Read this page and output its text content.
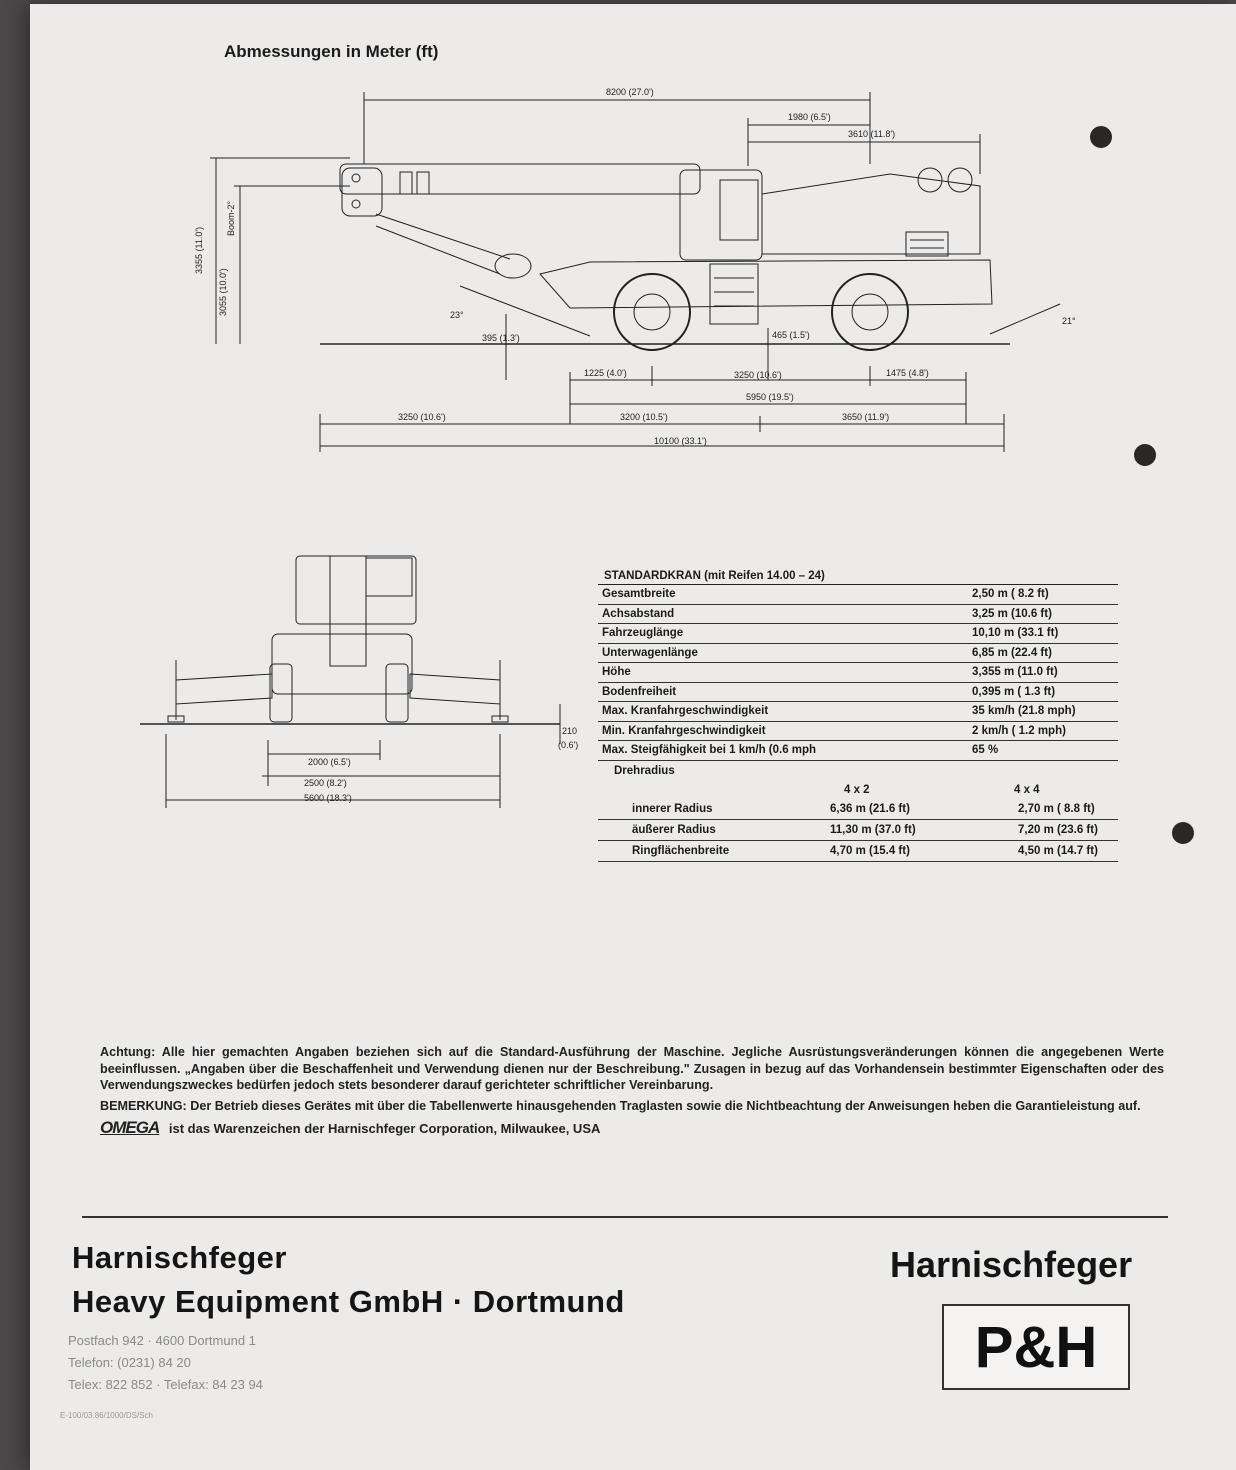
Abmessungen in Meter (ft)
8200 (27.0')
1980 (6.5')
3610 (11.8')
3355 (11.0')
3055 (10.0')
Boom-2°
23°
21°
395 (1.3')	465 (1.5')
1225 (4.0')	3250 (10.6')	1475 (4.8')
5950 (19.5')
3250 (10.6')	3200 (10.5')	3650 (11.9')
10100 (33.1')
2000 (6.5')
2500 (8.2')
5600 (18.3')
210
(0.6')
STANDARDKRAN (mit Reifen 14.00 – 24)
Gesamtbreite	2,50 m ( 8.2 ft)
Achsabstand	3,25 m (10.6 ft)
Fahrzeuglänge	10,10 m (33.1 ft)
Unterwagenlänge	6,85 m (22.4 ft)
Höhe	3,355 m (11.0 ft)
Bodenfreiheit	0,395 m ( 1.3 ft)
Max. Kranfahrgeschwindigkeit	35 km/h (21.8 mph)
Min. Kranfahrgeschwindigkeit	2 km/h ( 1.2 mph)
Max. Steigfähigkeit bei 1 km/h (0.6 mph	65 %
Drehradius
4 x 2	4 x 4
innerer Radius	6,36 m (21.6 ft)	2,70 m ( 8.8 ft)
äußerer Radius	11,30 m (37.0 ft)	7,20 m (23.6 ft)
Ringflächenbreite	4,70 m (15.4 ft)	4,50 m (14.7 ft)

Achtung: Alle hier gemachten Angaben beziehen sich auf die Standard-Ausführung der Maschine. Jegliche Ausrüstungsveränderungen können die angegebenen Werte beeinflussen. „Angaben über die Beschaffenheit und Verwendung dienen nur der Beschreibung." Zusagen in bezug auf das Vorhandensein bestimmter Eigenschaften oder des Verwendungszweckes bedürfen jedoch stets besonderer darauf gerichteter schriftlicher Vereinbarung.

BEMERKUNG: Der Betrieb dieses Gerätes mit über die Tabellenwerte hinausgehenden Traglasten sowie die Nichtbeachtung der Anweisungen heben die Garantieleistung auf.

OMEGA ist das Warenzeichen der Harnischfeger Corporation, Milwaukee, USA
Harnischfeger
Heavy Equipment GmbH · Dortmund
Postfach 942 · 4600 Dortmund 1
Telefon: (0231) 84 20
Telex: 822 852 · Telefax: 84 23 94
E-100/03.86/1000/DS/Sch
Harnischfeger
P&H
